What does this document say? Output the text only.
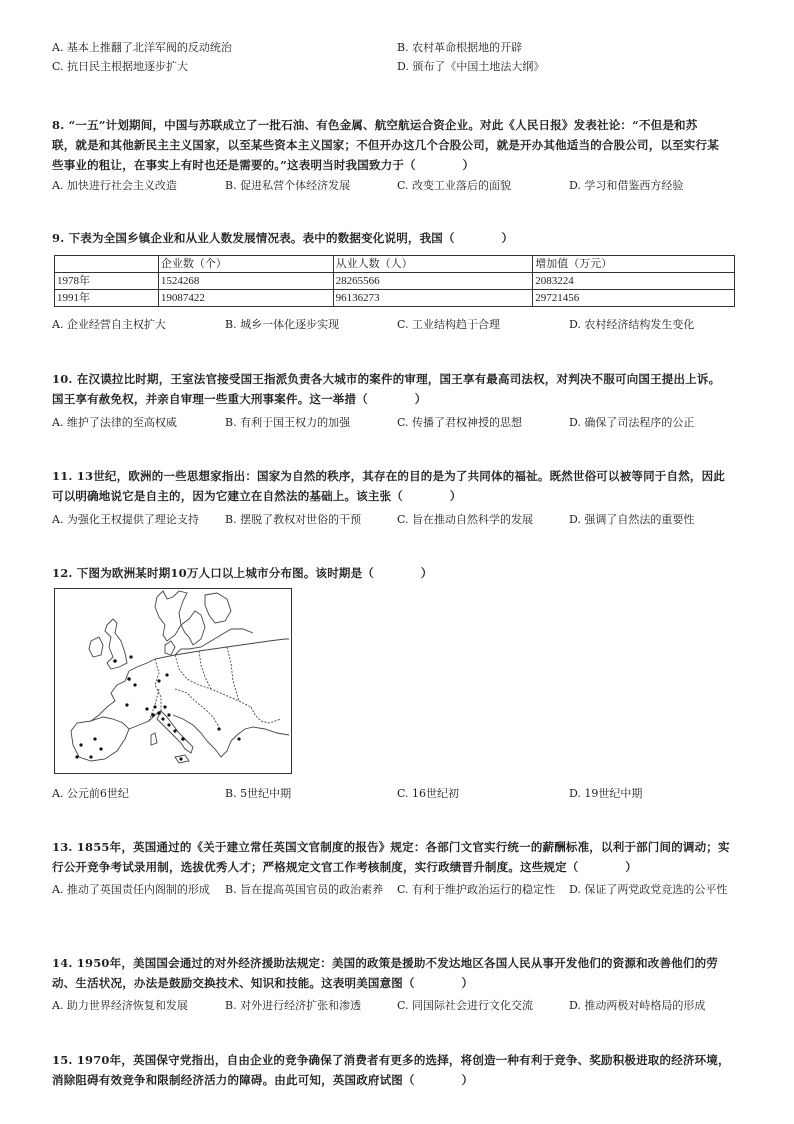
A. 基本上推翻了北洋军阀的反动统治	B. 农村革命根据地的开辟
C. 抗日民主根据地逐步扩大	D. 颁布了《中国土地法大纲》
8. “一五”计划期间，中国与苏联成立了一批石油、有色金属、航空航运合资企业。对此《人民日报》发表社论：“不但是和苏
联，就是和其他新民主主义国家，以至某些资本主义国家；不但开办这几个合股公司，就是开办其他适当的合股公司，以至实行某
些事业的租让，在事实上有时也还是需要的。”这表明当时我国致力于（　　　　）
A. 加快进行社会主义改造	B. 促进私营个体经济发展	C. 改变工业落后的面貌	D. 学习和借鉴西方经验
9. 下表为全国乡镇企业和从业人数发展情况表。表中的数据变化说明，我国（　　　　）
	企业数（个）	从业人数（人）	增加值（万元）
1978年	1524268	28265566	2083224
1991年	19087422	96136273	29721456
A. 企业经营自主权扩大	B. 城乡一体化逐步实现	C. 工业结构趋于合理	D. 农村经济结构发生变化
10. 在汉谟拉比时期，王室法官接受国王指派负责各大城市的案件的审理，国王享有最高司法权，对判决不服可向国王提出上诉。
国王享有赦免权，并亲自审理一些重大刑事案件。这一举措（　　　　）
A. 维护了法律的至高权威	B. 有利于国王权力的加强	C. 传播了君权神授的思想	D. 确保了司法程序的公正
11. 13世纪，欧洲的一些思想家指出：国家为自然的秩序，其存在的目的是为了共同体的福祉。既然世俗可以被等同于自然，因此
可以明确地说它是自主的，因为它建立在自然法的基础上。该主张（　　　　）
A. 为强化王权提供了理论支持 B. 摆脱了教权对世俗的干预	C. 旨在推动自然科学的发展	D. 强调了自然法的重要性
12. 下图为欧洲某时期10万人口以上城市分布图。该时期是（　　　　）
A. 公元前6世纪	B. 5世纪中期	C. 16世纪初	D. 19世纪中期
13. 1855年，英国通过的《关于建立常任英国文官制度的报告》规定：各部门文官实行统一的薪酬标准，以利于部门间的调动；实
行公开竞争考试录用制，选拔优秀人才；严格规定文官工作考核制度，实行政绩晋升制度。这些规定（　　　　）
A. 推动了英国责任内阁制的形成 B. 旨在提高英国官员的政治素养 C. 有利于维护政治运行的稳定性 D. 保证了两党政党竞选的公平性
14. 1950年，美国国会通过的对外经济援助法规定：美国的政策是援助不发达地区各国人民从事开发他们的资源和改善他们的劳
动、生活状况，办法是鼓励交换技术、知识和技能。这表明美国意图（　　　　）
A. 助力世界经济恢复和发展	B. 对外进行经济扩张和渗透	C. 同国际社会进行文化交流	D. 推动两极对峙格局的形成
15. 1970年，英国保守党指出，自由企业的竞争确保了消费者有更多的选择，将创造一种有利于竞争、奖励积极进取的经济环境，
消除阻碍有效竞争和限制经济活力的障碍。由此可知，英国政府试图（　　　　）
